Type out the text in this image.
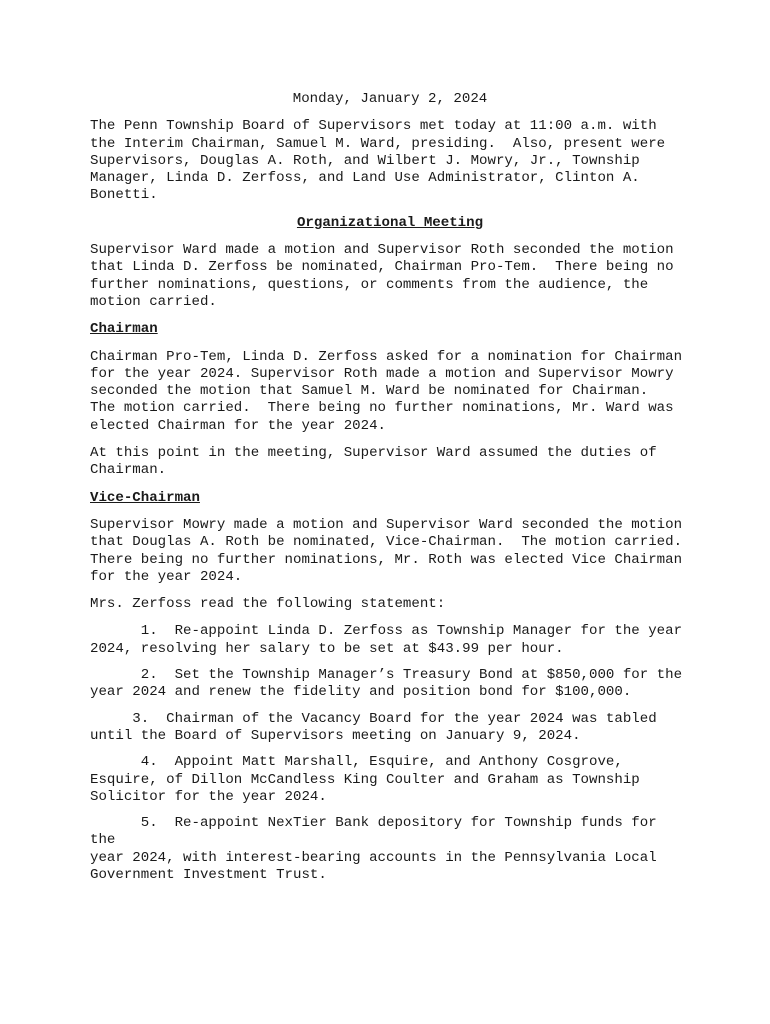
Monday, January 2, 2024

The Penn Township Board of Supervisors met today at 11:00 a.m. with
the Interim Chairman, Samuel M. Ward, presiding.  Also, present were
Supervisors, Douglas A. Roth, and Wilbert J. Mowry, Jr., Township
Manager, Linda D. Zerfoss, and Land Use Administrator, Clinton A.
Bonetti.

Organizational Meeting

Supervisor Ward made a motion and Supervisor Roth seconded the motion
that Linda D. Zerfoss be nominated, Chairman Pro-Tem.  There being no
further nominations, questions, or comments from the audience, the
motion carried.

Chairman

Chairman Pro-Tem, Linda D. Zerfoss asked for a nomination for Chairman
for the year 2024. Supervisor Roth made a motion and Supervisor Mowry
seconded the motion that Samuel M. Ward be nominated for Chairman.
The motion carried.  There being no further nominations, Mr. Ward was
elected Chairman for the year 2024.

At this point in the meeting, Supervisor Ward assumed the duties of
Chairman.

Vice-Chairman

Supervisor Mowry made a motion and Supervisor Ward seconded the motion
that Douglas A. Roth be nominated, Vice-Chairman.  The motion carried.
There being no further nominations, Mr. Roth was elected Vice Chairman
for the year 2024.

Mrs. Zerfoss read the following statement:

1.  Re-appoint Linda D. Zerfoss as Township Manager for the year
2024, resolving her salary to be set at $43.99 per hour.

2.  Set the Township Manager’s Treasury Bond at $850,000 for the
year 2024 and renew the fidelity and position bond for $100,000.

3.  Chairman of the Vacancy Board for the year 2024 was tabled
until the Board of Supervisors meeting on January 9, 2024.

4.  Appoint Matt Marshall, Esquire, and Anthony Cosgrove,
Esquire, of Dillon McCandless King Coulter and Graham as Township
Solicitor for the year 2024.

5.  Re-appoint NexTier Bank depository for Township funds for the
year 2024, with interest-bearing accounts in the Pennsylvania Local
Government Investment Trust.
